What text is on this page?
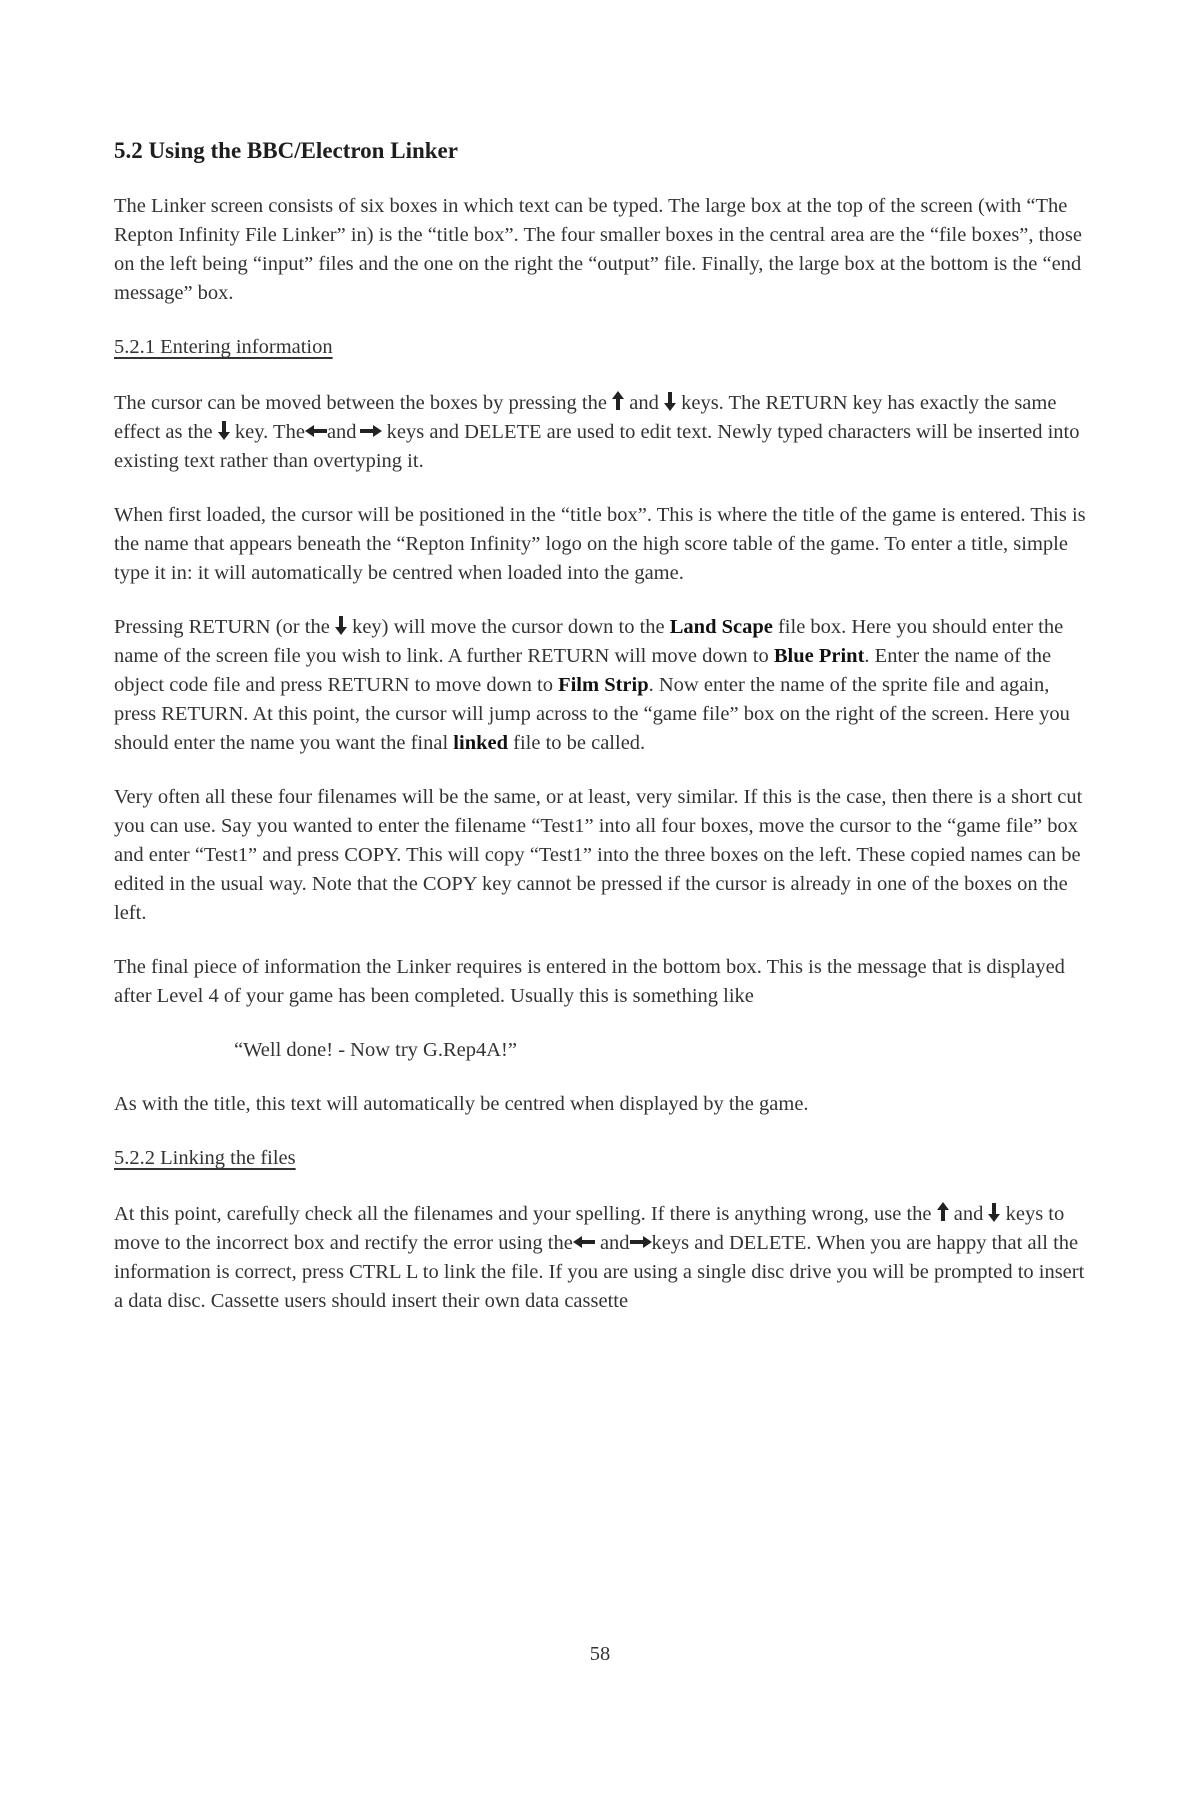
5.2 Using the BBC/Electron Linker

The Linker screen consists of six boxes in which text can be typed. The large box at the top of the screen (with “The Repton Infinity File Linker” in) is the “title box”. The four smaller boxes in the central area are the “file boxes”, those on the left being “input” files and the one on the right the “output” file. Finally, the large box at the bottom is the “end message” box.

5.2.1 Entering information

The cursor can be moved between the boxes by pressing the  and  keys. The RETURN key has exactly the same effect as the  key. The and keys and DELETE are used to edit text. Newly typed characters will be inserted into existing text rather than overtyping it.

When first loaded, the cursor will be positioned in the “title box”. This is where the title of the game is entered. This is the name that appears beneath the “Repton Infinity” logo on the high score table of the game. To enter a title, simple type it in: it will automatically be centred when loaded into the game.

Pressing RETURN (or the  key) will move the cursor down to the Land Scape file box. Here you should enter the name of the screen file you wish to link. A further RETURN will move down to Blue Print. Enter the name of the object code file and press RETURN to move down to Film Strip. Now enter the name of the sprite file and again, press RETURN. At this point, the cursor will jump across to the “game file” box on the right of the screen. Here you should enter the name you want the final linked file to be called.

Very often all these four filenames will be the same, or at least, very similar. If this is the case, then there is a short cut you can use. Say you wanted to enter the filename “Test1” into all four boxes, move the cursor to the “game file” box and enter “Test1” and press COPY. This will copy “Test1” into the three boxes on the left. These copied names can be edited in the usual way. Note that the COPY key cannot be pressed if the cursor is already in one of the boxes on the left.

The final piece of information the Linker requires is entered in the bottom box. This is the message that is displayed after Level 4 of your game has been completed. Usually this is something like

“Well done! - Now try G.Rep4A!”

As with the title, this text will automatically be centred when displayed by the game.

5.2.2 Linking the files

At this point, carefully check all the filenames and your spelling. If there is anything wrong, use the  and  keys to move to the incorrect box and rectify the error using the and keys and DELETE. When you are happy that all the information is correct, press CTRL L to link the file. If you are using a single disc drive you will be prompted to insert a data disc. Cassette users should insert their own data cassette

58
